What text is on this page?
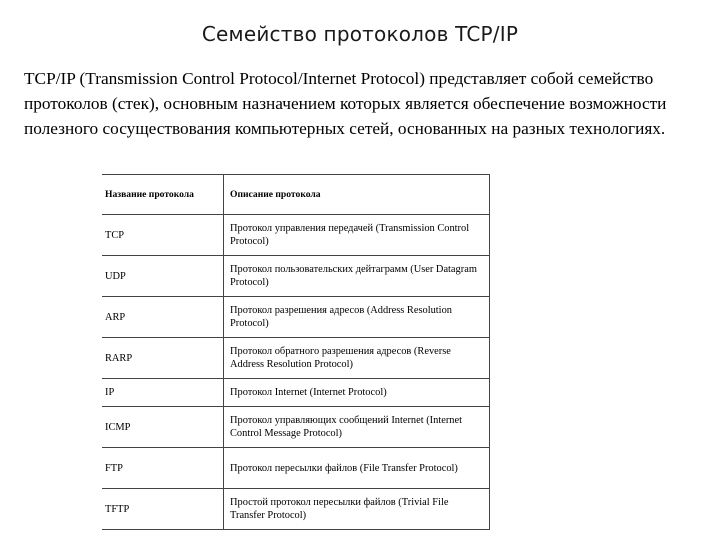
Семейство протоколов TCP/IP

TCP/IP (Transmission Control Protocol/Internet Protocol) представляет собой семейство протоколов (стек), основным назначением которых является обеспечение возможности полезного сосуществования компьютерных сетей, основанных на разных технологиях.

Название протокола	Описание протокола
TCP	Протокол управления передачей (Transmission Control Protocol)
UDP	Протокол пользовательских дейтаграмм (User Datagram Protocol)
ARP	Протокол разрешения адресов (Address Resolution Protocol)
RARP	Протокол обратного разрешения адресов (Reverse Address Resolution Protocol)
IP	Протокол Internet (Internet Protocol)
ICMP	Протокол управляющих сообщений Internet (Internet Control Message Protocol)
FTP	Протокол пересылки файлов (File Transfer Protocol)
TFTP	Простой протокол пересылки файлов (Trivial File Transfer Protocol)
